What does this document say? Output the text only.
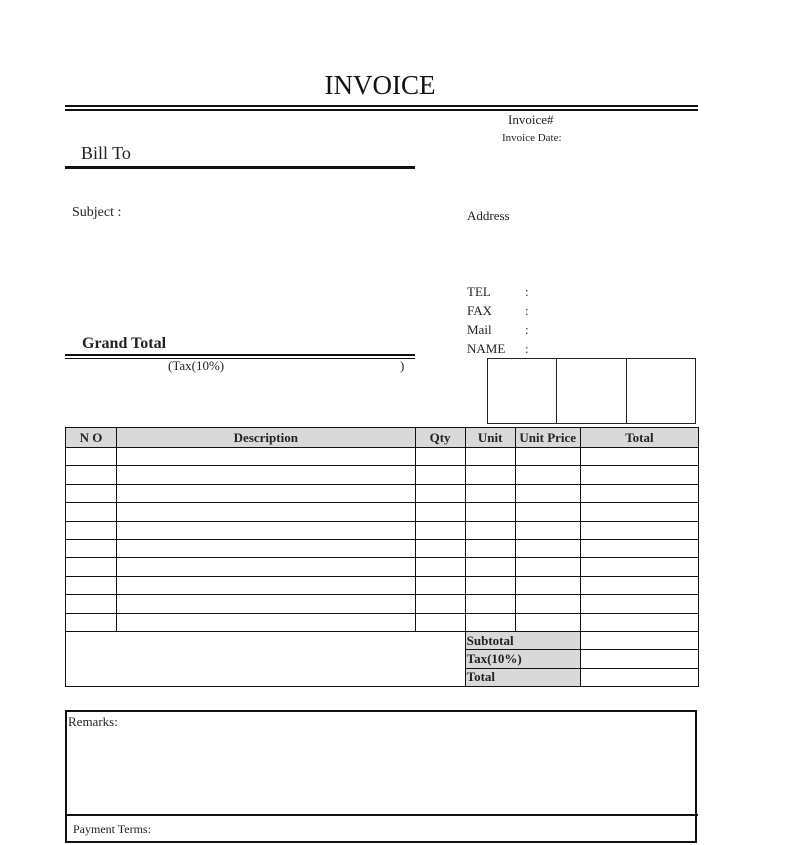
INVOICE
Invoice#
Invoice Date:
Bill To
Subject :	Address
TEL	:
FAX	:
Mail	:
NAME	:
Grand Total
(Tax(10%)	)
N O	Description	Qty	Unit	Unit Price	Total

			Subtotal		
			Tax(10%)		
			Total		
Remarks:
Payment Terms:
